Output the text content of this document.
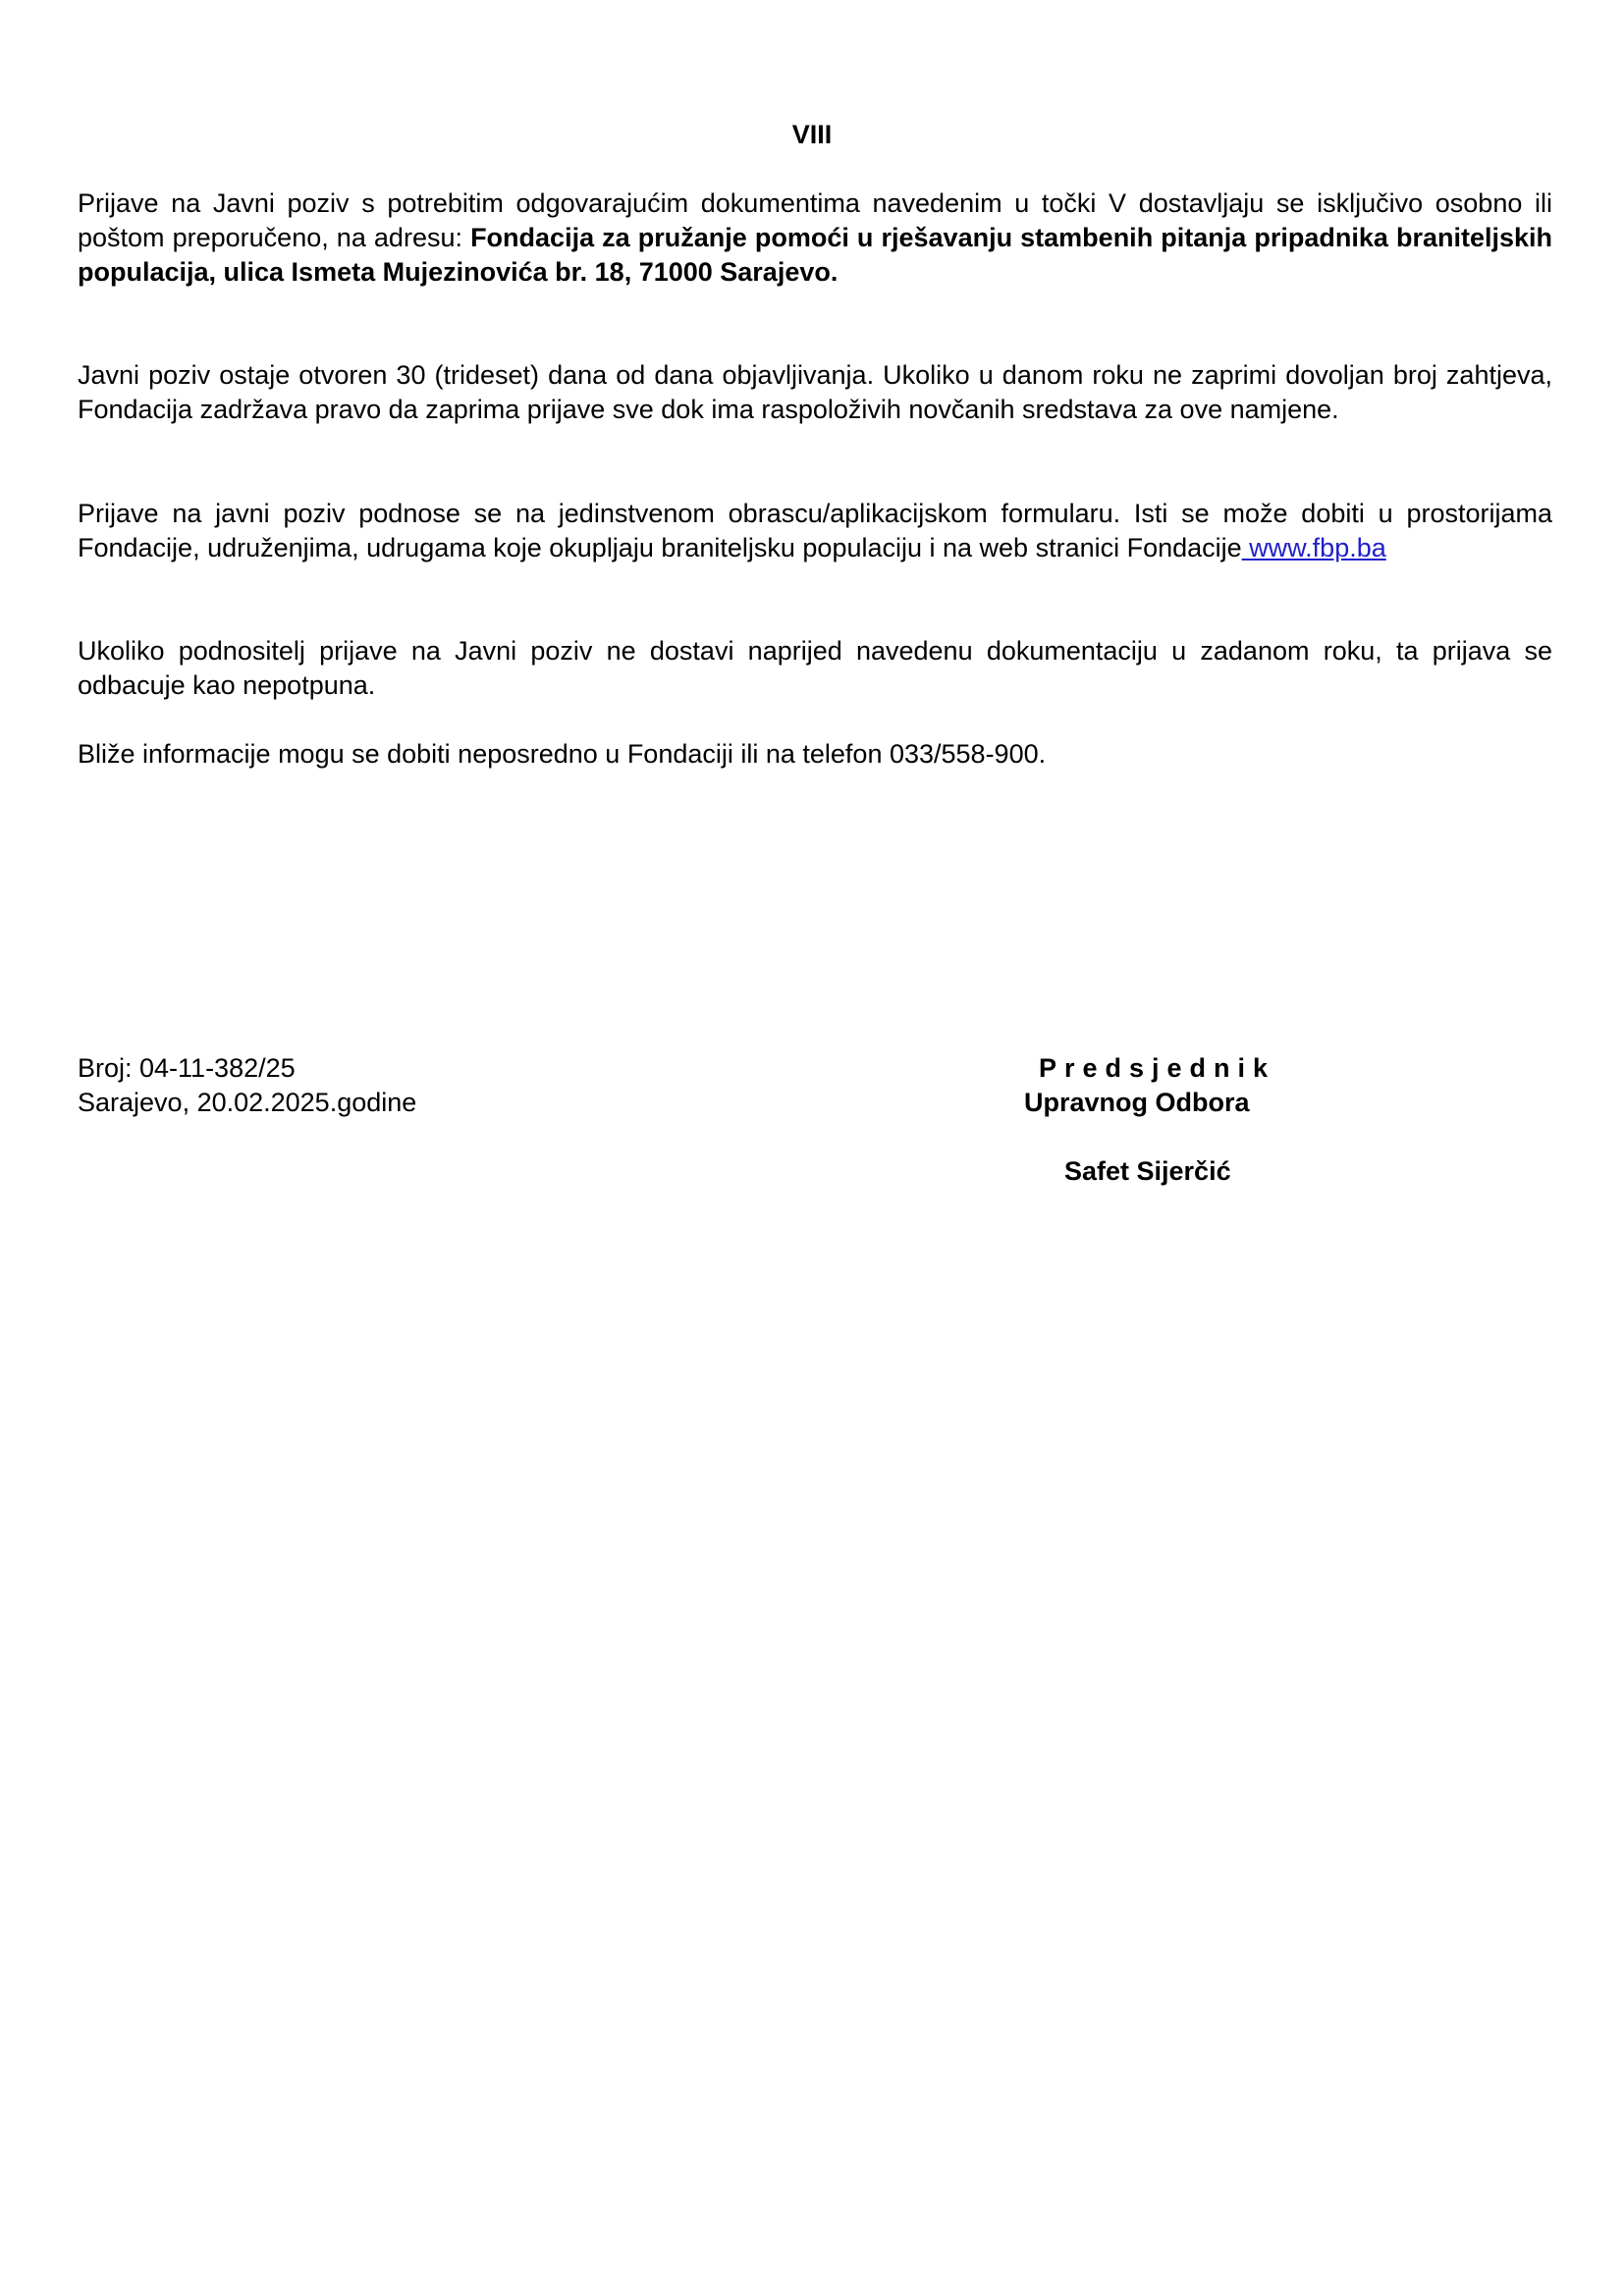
VIII
Prijave na Javni poziv s potrebitim odgovarajućim dokumentima navedenim u točki V dostavljaju se isključivo osobno ili poštom preporučeno, na adresu: Fondacija za pružanje pomoći u rješavanju stambenih pitanja pripadnika braniteljskih populacija, ulica Ismeta Mujezinovića br. 18, 71000 Sarajevo.
Javni poziv ostaje otvoren 30 (trideset) dana od dana objavljivanja. Ukoliko u danom roku ne zaprimi dovoljan broj zahtjeva, Fondacija zadržava pravo da zaprima prijave sve dok ima raspoloživih novčanih sredstava za ove namjene.
Prijave na javni poziv podnose se na jedinstvenom obrascu/aplikacijskom formularu. Isti se može dobiti u prostorijama Fondacije, udruženjima, udrugama koje okupljaju braniteljsku populaciju i na web stranici Fondacije www.fbp.ba
Ukoliko podnositelj prijave na Javni poziv ne dostavi naprijed navedenu dokumentaciju u zadanom roku, ta prijava se odbacuje kao nepotpuna.
Bliže informacije mogu se dobiti neposredno u Fondaciji ili na telefon 033/558-900.
Broj: 04-11-382/25
Sarajevo, 20.02.2025.godine
Predsjednik
Upravnog Odbora
Safet Sijerčić
